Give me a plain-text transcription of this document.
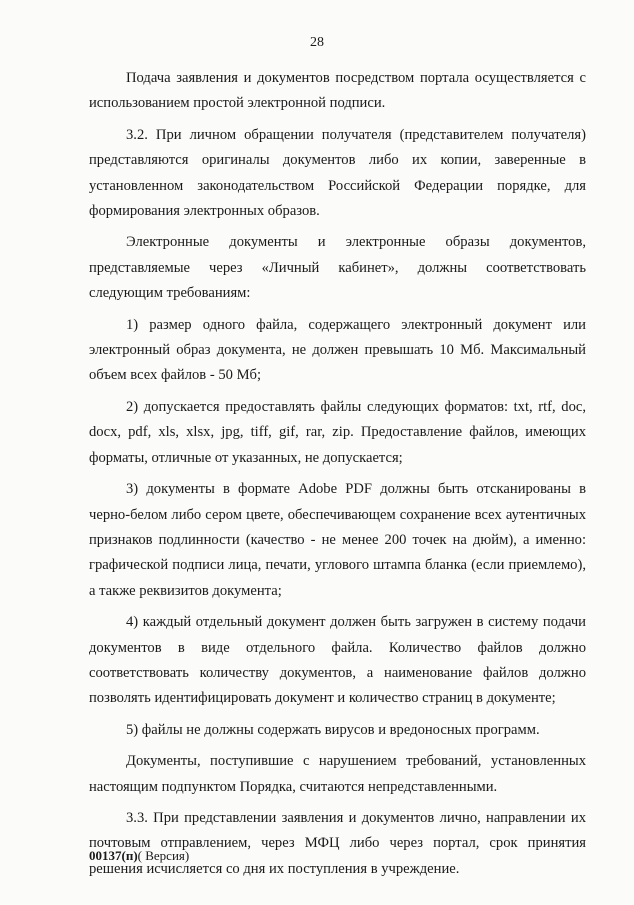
28

Подача заявления и документов посредством портала осуществляется с использованием простой электронной подписи.

3.2. При личном обращении получателя (представителем получателя) представляются оригиналы документов либо их копии, заверенные в установленном законодательством Российской Федерации порядке, для формирования электронных образов.

Электронные документы и электронные образы документов, представляемые через «Личный кабинет», должны соответствовать следующим требованиям:

1) размер одного файла, содержащего электронный документ или электронный образ документа, не должен превышать 10 Мб. Максимальный объем всех файлов - 50 Мб;

2) допускается предоставлять файлы следующих форматов: txt, rtf, doc, docx, pdf, xls, xlsx, jpg, tiff, gif, rar, zip. Предоставление файлов, имеющих форматы, отличные от указанных, не допускается;

3) документы в формате Adobe PDF должны быть отсканированы в черно-белом либо сером цвете, обеспечивающем сохранение всех аутентичных признаков подлинности (качество - не менее 200 точек на дюйм), а именно: графической подписи лица, печати, углового штампа бланка (если приемлемо), а также реквизитов документа;

4) каждый отдельный документ должен быть загружен в систему подачи документов в виде отдельного файла. Количество файлов должно соответствовать количеству документов, а наименование файлов должно позволять идентифицировать документ и количество страниц в документе;

5) файлы не должны содержать вирусов и вредоносных программ.

Документы, поступившие с нарушением требований, установленных настоящим подпунктом Порядка, считаются непредставленными.

3.3. При представлении заявления и документов лично, направлении их почтовым отправлением, через МФЦ либо через портал, срок принятия решения исчисляется со дня их поступления в учреждение.

00137(п)( Версия)
